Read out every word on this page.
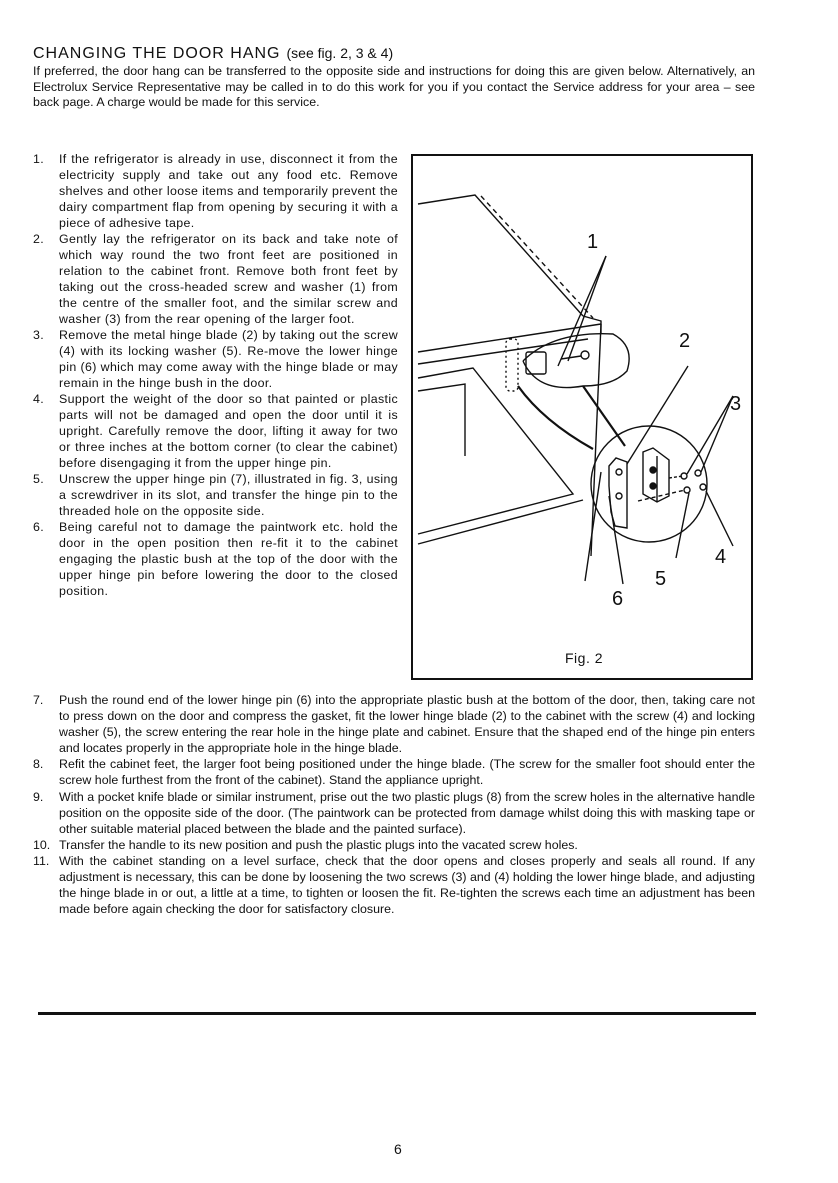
CHANGING THE DOOR HANG (see fig. 2, 3 & 4)

If preferred, the door hang can be transferred to the opposite side and instructions for doing this are given below. Alternatively, an Electrolux Service Representative may be called in to do this work for you if you contact the Service address for your area – see back page. A charge would be made for this service.

1.	If the refrigerator is already in use, disconnect it from the electricity supply and take out any food etc. Remove shelves and other loose items and temporarily prevent the dairy compartment flap from opening by securing it with a piece of adhesive tape.
2.	Gently lay the refrigerator on its back and take note of which way round the two front feet are positioned in relation to the cabinet front. Remove both front feet by taking out the cross-headed screw and washer (1) from the centre of the smaller foot, and the similar screw and washer (3) from the rear opening of the larger foot.
3.	Remove the metal hinge blade (2) by taking out the screw (4) with its locking washer (5). Re-move the lower hinge pin (6) which may come away with the hinge blade or may remain in the hinge bush in the door.
4.	Support the weight of the door so that painted or plastic parts will not be damaged and open the door until it is upright. Carefully remove the door, lifting it away for two or three inches at the bottom corner (to clear the cabinet) before disengaging it from the upper hinge pin.
5.	Unscrew the upper hinge pin (7), illustrated in fig. 3, using a screwdriver in its slot, and transfer the hinge pin to the threaded hole on the opposite side.
6.	Being careful not to damage the paintwork etc. hold the door in the open position then re-fit it to the cabinet engaging the plastic bush at the top of the door with the upper hinge pin before lowering the door to the closed position.
1
2
3
4
5
6
Fig. 2
7.	Push the round end of the lower hinge pin (6) into the appropriate plastic bush at the bottom of the door, then, taking care not to press down on the door and compress the gasket, fit the lower hinge blade (2) to the cabinet with the screw (4) and locking washer (5), the screw entering the rear hole in the hinge plate and cabinet. Ensure that the shaped end of the hinge pin enters and locates properly in the appropriate hole in the hinge blade.
8.	Refit the cabinet feet, the larger foot being positioned under the hinge blade. (The screw for the smaller foot should enter the screw hole furthest from the front of the cabinet). Stand the appliance upright.
9.	With a pocket knife blade or similar instrument, prise out the two plastic plugs (8) from the screw holes in the alternative handle position on the opposite side of the door. (The paintwork can be protected from damage whilst doing this with masking tape or other suitable material placed between the blade and the painted surface).
10. Transfer the handle to its new position and push the plastic plugs into the vacated screw holes.
11. With the cabinet standing on a level surface, check that the door opens and closes properly and seals all round. If any adjustment is necessary, this can be done by loosening the two screws (3) and (4) holding the lower hinge blade, and adjusting the hinge blade in or out, a little at a time, to tighten or loosen the fit. Re-tighten the screws each time an adjustment has been made before again checking the door for satisfactory closure.
6
